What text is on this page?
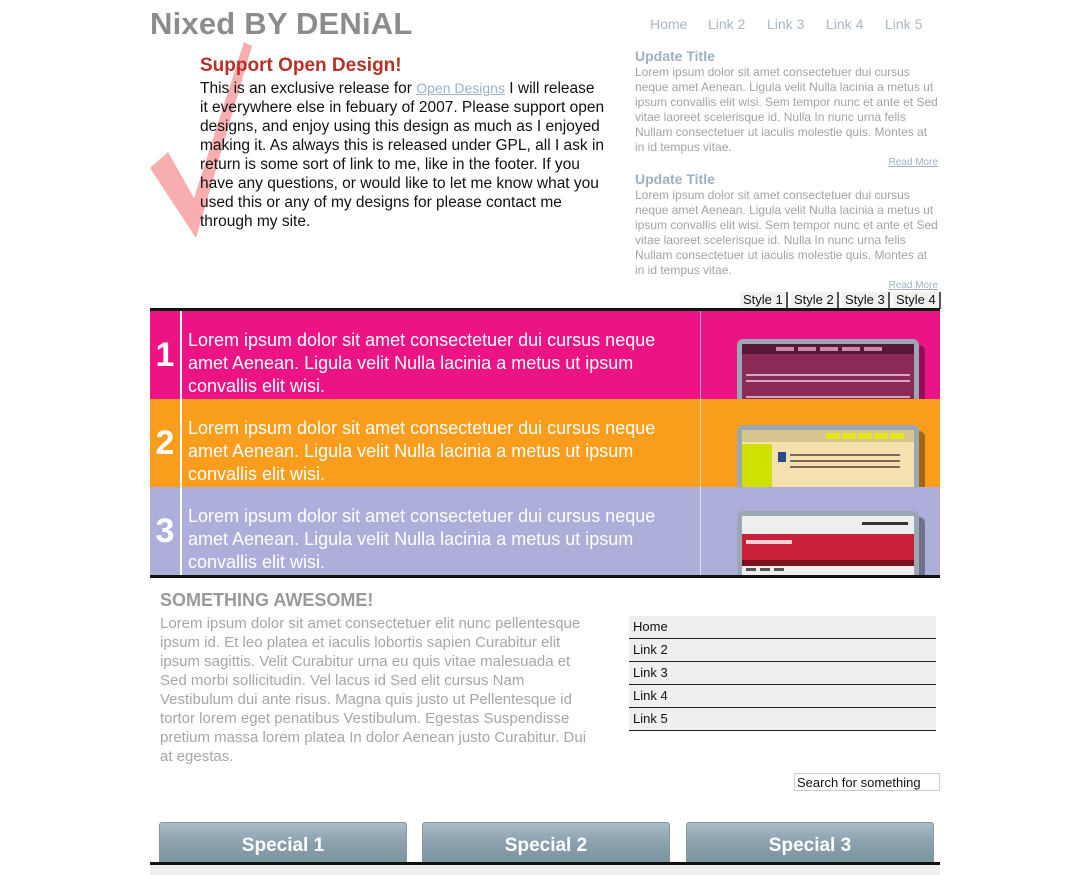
Nixed BY DENiAL	Home Link 2 Link 3 Link 4 Link 5
Support Open Design!

This is an exclusive release for Open Designs I will release it everywhere else in febuary of 2007. Please support open designs, and enjoy using this design as much as I enjoyed making it. As always this is released under GPL, all I ask in return is some sort of link to me, like in the footer. If you have any questions, or would like to let me know what you used this or any of my designs for please contact me through my site.

Update Title

Lorem ipsum dolor sit amet consectetuer dui cursus neque amet Aenean. Ligula velit Nulla lacinia a metus ut ipsum convallis elit wisi. Sem tempor nunc et ante et Sed vitae laoreet scelerisque id. Nulla In nunc urna felis Nullam consectetuer ut iaculis molestie quis. Montes at in id tempus vitae.

Read More
Update Title

Lorem ipsum dolor sit amet consectetuer dui cursus neque amet Aenean. Ligula velit Nulla lacinia a metus ut ipsum convallis elit wisi. Sem tempor nunc et ante et Sed vitae laoreet scelerisque id. Nulla In nunc urna felis Nullam consectetuer ut iaculis molestie quis. Montes at in id tempus vitae.

Read More
Style 1 Style 2 Style 3 Style 4
1 Lorem ipsum dolor sit amet consectetuer dui cursus neque amet Aenean. Ligula velit Nulla lacinia a metus ut ipsum convallis elit wisi.
2 Lorem ipsum dolor sit amet consectetuer dui cursus neque amet Aenean. Ligula velit Nulla lacinia a metus ut ipsum convallis elit wisi.
3 Lorem ipsum dolor sit amet consectetuer dui cursus neque amet Aenean. Ligula velit Nulla lacinia a metus ut ipsum convallis elit wisi.
SOMETHING AWESOME!

Lorem ipsum dolor sit amet consectetuer elit nunc pellentesque ipsum id. Et leo platea et iaculis lobortis sapien Curabitur elit ipsum sagittis. Velit Curabitur urna eu quis vitae malesuada et Sed morbi sollicitudin. Vel lacus id Sed elit cursus Nam Vestibulum dui ante risus. Magna quis justo ut Pellentesque id tortor lorem eget penatibus Vestibulum. Egestas Suspendisse pretium massa lorem platea In dolor Aenean justo Curabitur. Dui at egestas.

Home
Link 2
Link 3
Link 4
Link 5
Search for something
Special 1	Special 2	Special 3
